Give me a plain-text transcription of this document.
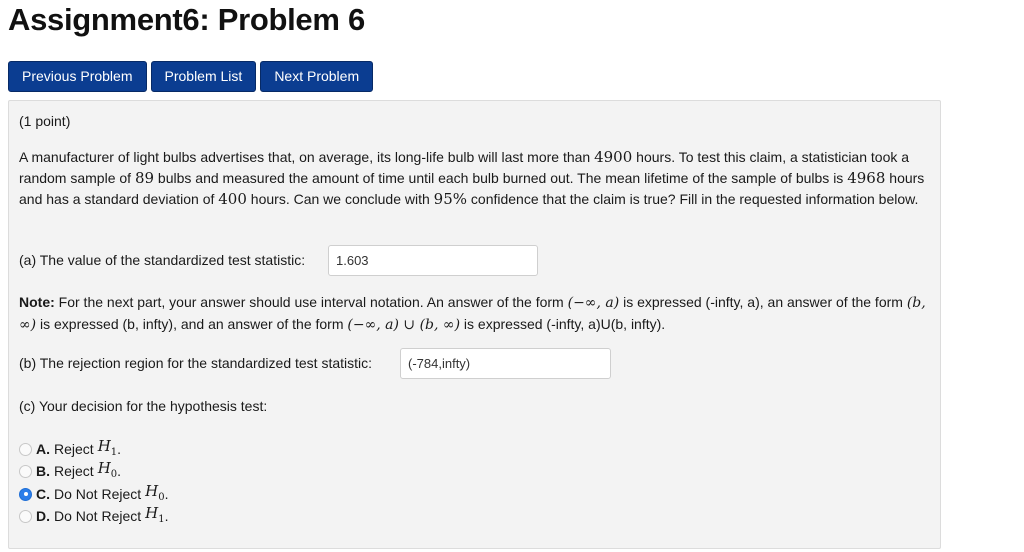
Assignment6: Problem 6
Previous Problem	Problem List	Next Problem
(1 point)

A manufacturer of light bulbs advertises that, on average, its long-life bulb will last more than 4900 hours. To test this claim, a statistician took a random sample of 89 bulbs and measured the amount of time until each bulb burned out. The mean lifetime of the sample of bulbs is 4968 hours and has a standard deviation of 400 hours. Can we conclude with 95% confidence that the claim is true? Fill in the requested information below.

(a) The value of the standardized test statistic:
1.603

Note: For the next part, your answer should use interval notation. An answer of the form (−∞, a) is expressed (-infty, a), an answer of the form (b, ∞) is expressed (b, infty), and an answer of the form (−∞, a) ∪ (b, ∞) is expressed (-infty, a)U(b, infty).

(b) The rejection region for the standardized test statistic:
(-784,infty)
(c) Your decision for the hypothesis test:
A. Reject $H_1$ .
B. Reject $H_0$ .
C. Do Not Reject $H_0$ .
D. Do Not Reject $H_1$ .
